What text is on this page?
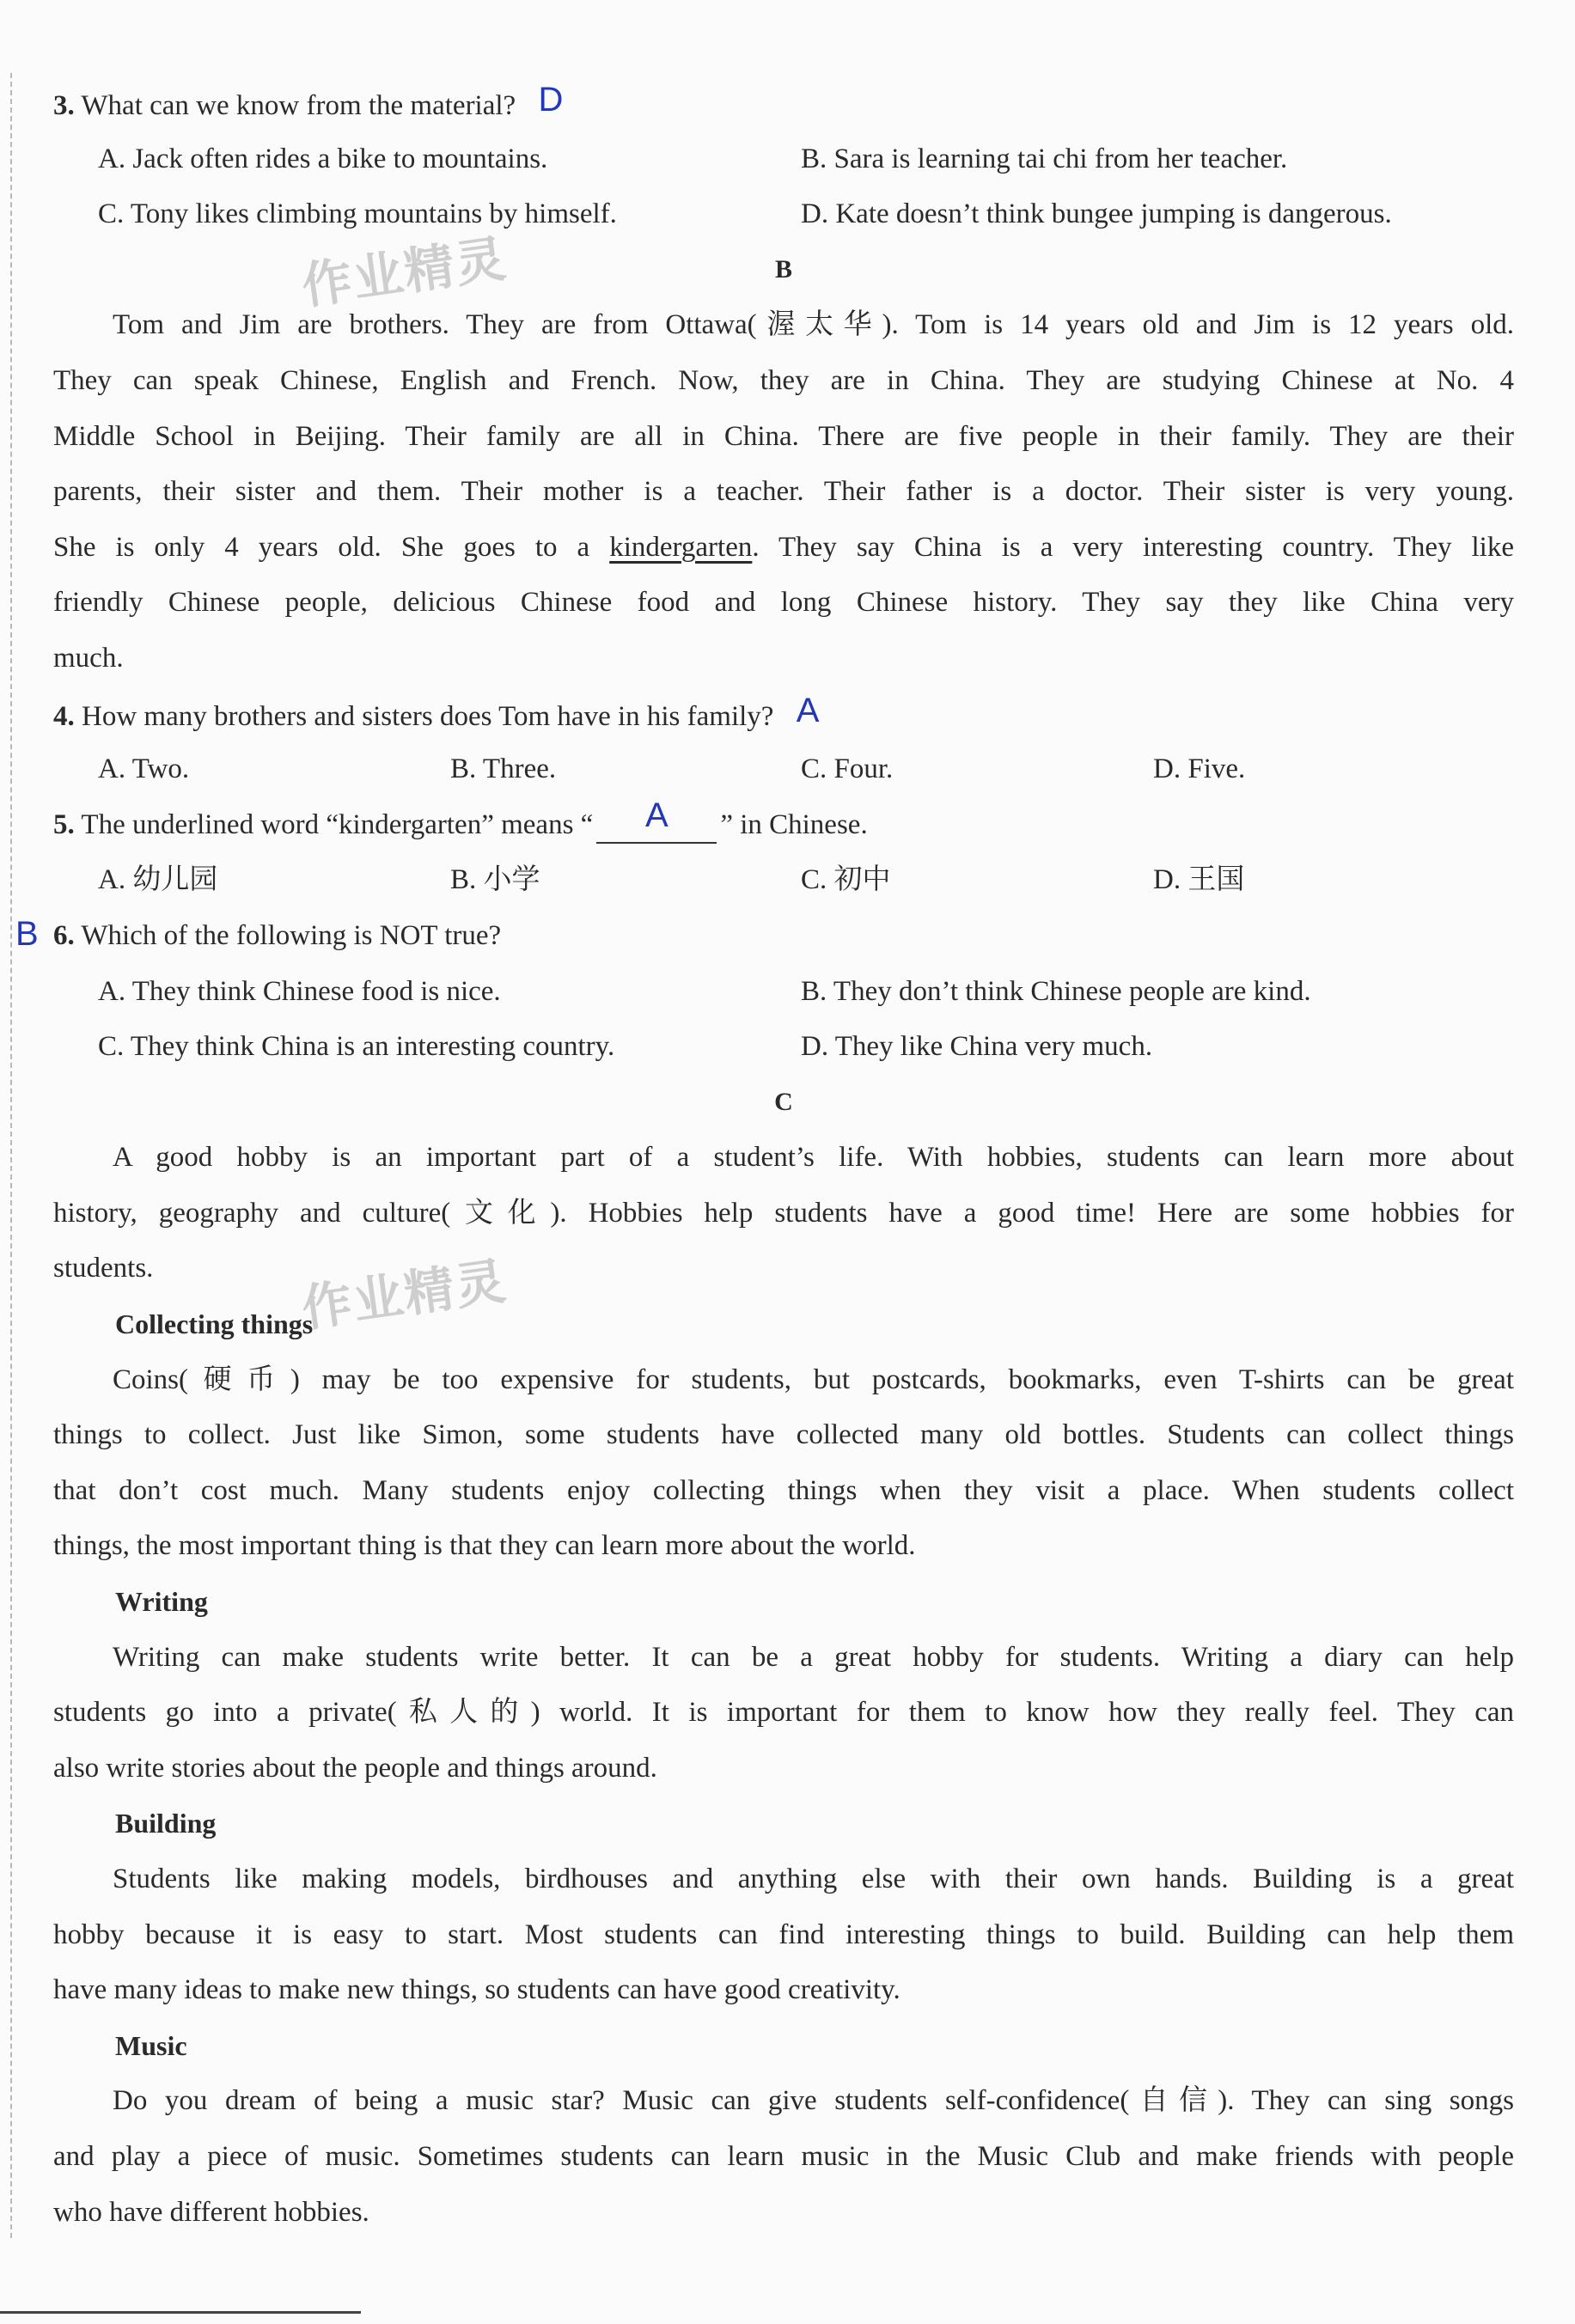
作业精灵
作业精灵
3. What can we know from the material? D
A. Jack often rides a bike to mountains.	B. Sara is learning tai chi from her teacher.
C. Tony likes climbing mountains by himself.	D. Kate doesn’t think bungee jumping is dangerous.
B
Tom and Jim are brothers. They are from Ottawa(渥太华). Tom is 14 years old and Jim is 12 years old.
They can speak Chinese, English and French. Now, they are in China. They are studying Chinese at No. 4
Middle School in Beijing. Their family are all in China. There are five people in their family. They are their
parents, their sister and them. Their mother is a teacher. Their father is a doctor. Their sister is very young.
She is only 4 years old. She goes to a kindergarten. They say China is a very interesting country. They like
friendly Chinese people, delicious Chinese food and long Chinese history. They say they like China very
much.
4. How many brothers and sisters does Tom have in his family? A
A. Two.	B. Three.	C. Four.	D. Five.
5. The underlined word “kindergarten” means “ A ” in Chinese.
A. 幼儿园	B. 小学	C. 初中	D. 王国
B 6. Which of the following is NOT true?
A. They think Chinese food is nice.	B. They don’t think Chinese people are kind.
C. They think China is an interesting country.	D. They like China very much.
C
A good hobby is an important part of a student’s life. With hobbies, students can learn more about
history, geography and culture(文化). Hobbies help students have a good time! Here are some hobbies for
students.
Collecting things
Coins(硬币) may be too expensive for students, but postcards, bookmarks, even T-shirts can be great
things to collect. Just like Simon, some students have collected many old bottles. Students can collect things
that don’t cost much. Many students enjoy collecting things when they visit a place. When students collect
things, the most important thing is that they can learn more about the world.
Writing
Writing can make students write better. It can be a great hobby for students. Writing a diary can help
students go into a private(私人的) world. It is important for them to know how they really feel. They can
also write stories about the people and things around.
Building
Students like making models, birdhouses and anything else with their own hands. Building is a great
hobby because it is easy to start. Most students can find interesting things to build. Building can help them
have many ideas to make new things, so students can have good creativity.
Music
Do you dream of being a music star? Music can give students self-confidence(自信). They can sing songs
and play a piece of music. Sometimes students can learn music in the Music Club and make friends with people
who have different hobbies.
